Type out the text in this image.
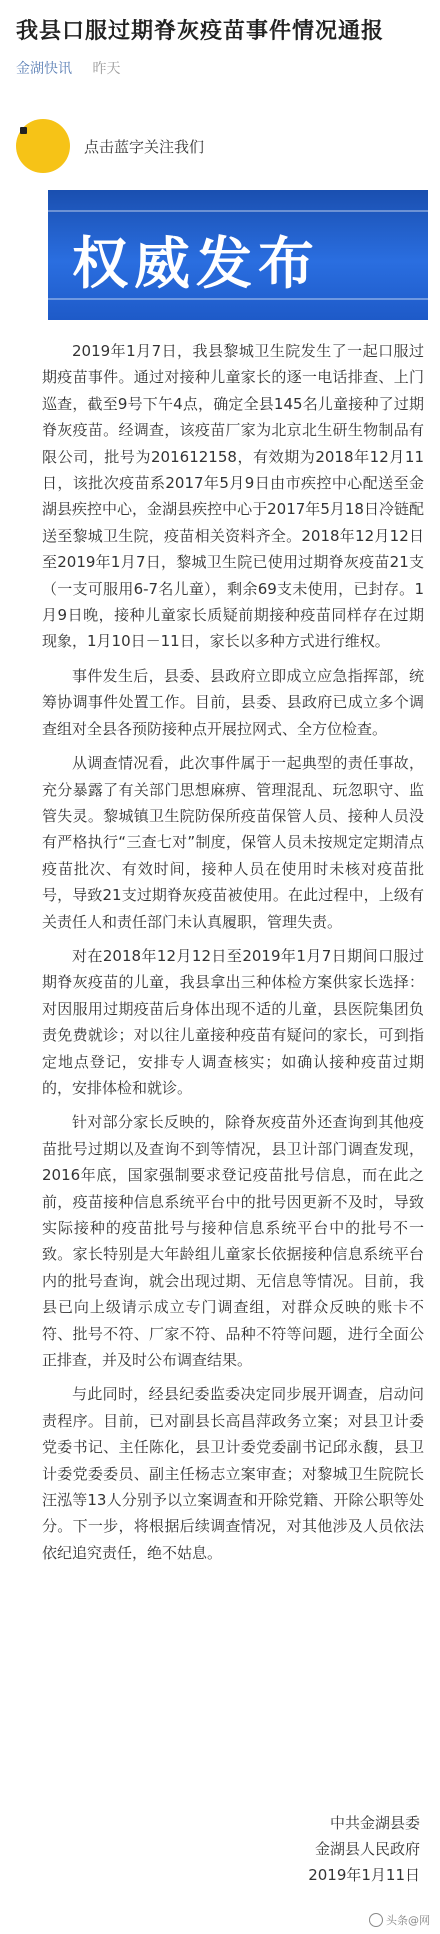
我县口服过期脊灰疫苗事件情况通报
金湖快讯 昨天
点击蓝字关注我们
权威发布

2019年1月7日，我县黎城卫生院发生了一起口服过期疫苗事件。通过对接种儿童家长的逐一电话排查、上门巡查，截至9号下午4点，确定全县145名儿童接种了过期脊灰疫苗。经调查，该疫苗厂家为北京北生研生物制品有限公司，批号为201612158，有效期为2018年12月11日，该批次疫苗系2017年5月9日由市疾控中心配送至金湖县疾控中心，金湖县疾控中心于2017年5月18日冷链配送至黎城卫生院，疫苗相关资料齐全。2018年12月12日至2019年1月7日，黎城卫生院已使用过期脊灰疫苗21支（一支可服用6-7名儿童），剩余69支未使用，已封存。1月9日晚，接种儿童家长质疑前期接种疫苗同样存在过期现象，1月10日－11日，家长以多种方式进行维权。

事件发生后，县委、县政府立即成立应急指挥部，统筹协调事件处置工作。目前，县委、县政府已成立多个调查组对全县各预防接种点开展拉网式、全方位检查。

从调查情况看，此次事件属于一起典型的责任事故，充分暴露了有关部门思想麻痹、管理混乱、玩忽职守、监管失灵。黎城镇卫生院防保所疫苗保管人员、接种人员没有严格执行“三查七对”制度，保管人员未按规定定期清点疫苗批次、有效时间，接种人员在使用时未核对疫苗批号，导致21支过期脊灰疫苗被使用。在此过程中，上级有关责任人和责任部门未认真履职，管理失责。

对在2018年12月12日至2019年1月7日期间口服过期脊灰疫苗的儿童，我县拿出三种体检方案供家长选择：对因服用过期疫苗后身体出现不适的儿童，县医院集团负责免费就诊；对以往儿童接种疫苗有疑问的家长，可到指定地点登记，安排专人调查核实；如确认接种疫苗过期的，安排体检和就诊。

针对部分家长反映的，除脊灰疫苗外还查询到其他疫苗批号过期以及查询不到等情况，县卫计部门调查发现，2016年底，国家强制要求登记疫苗批号信息，而在此之前，疫苗接种信息系统平台中的批号因更新不及时，导致实际接种的疫苗批号与接种信息系统平台中的批号不一致。家长特别是大年龄组儿童家长依据接种信息系统平台内的批号查询，就会出现过期、无信息等情况。目前，我县已向上级请示成立专门调查组，对群众反映的账卡不符、批号不符、厂家不符、品种不符等问题，进行全面公正排查，并及时公布调查结果。

与此同时，经县纪委监委决定同步展开调查，启动问责程序。目前，已对副县长高昌萍政务立案；对县卫计委党委书记、主任陈化，县卫计委党委副书记邱永馥，县卫计委党委委员、副主任杨志立案审查；对黎城卫生院院长汪泓等13人分别予以立案调查和开除党籍、开除公职等处分。下一步，将根据后续调查情况，对其他涉及人员依法依纪追究责任，绝不姑息。

中共金湖县委
金湖县人民政府
2019年1月11日
头条@网
